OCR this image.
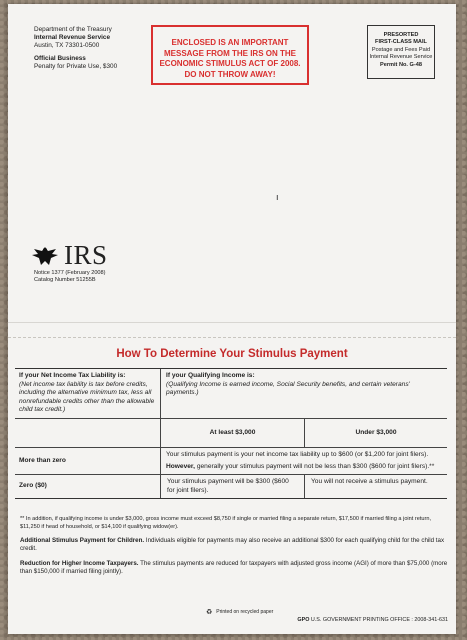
Department of the Treasury
Internal Revenue Service
Austin, TX 73301-0500
Official Business
Penalty for Private Use, $300
ENCLOSED IS AN IMPORTANT
MESSAGE FROM THE IRS ON THE
ECONOMIC STIMULUS ACT OF 2008.
DO NOT THROW AWAY!
PRESORTED
FIRST-CLASS MAIL
Postage and Fees Paid
Internal Revenue Service
Permit No. G-48
ı
IRS
Notice 1377 (February 2008)
Catalog Number 51255B
How To Determine Your Stimulus Payment
If your Net Income Tax Liability is:
(Net income tax liability is tax before credits, including the alternative minimum tax, less all nonrefundable credits other than the allowable child tax credit.)
If your Qualifying Income is:
(Qualifying Income is earned income, Social Security benefits, and certain veterans' payments.)
At least $3,000	Under $3,000
More than zero
Your stimulus payment is your net income tax liability up to $600 (or $1,200 for joint filers).
However, generally your stimulus payment will not be less than $300 ($600 for joint filers).**
Zero ($0)
Your stimulus payment will be $300 ($600 for joint filers).
You will not receive a stimulus payment.

** In addition, if qualifying income is under $3,000, gross income must exceed $8,750 if single or married filing a separate return, $17,500 if married filing a joint return, $11,250 if head of household, or $14,100 if qualifying widow(er).

Additional Stimulus Payment for Children. Individuals eligible for payments may also receive an additional $300 for each qualifying child for the child tax credit.

Reduction for Higher Income Taxpayers. The stimulus payments are reduced for taxpayers with adjusted gross income (AGI) of more than $75,000 (more than $150,000 if married filing jointly).

♻ Printed on recycled paper
GPO U.S. GOVERNMENT PRINTING OFFICE : 2008-341-631
